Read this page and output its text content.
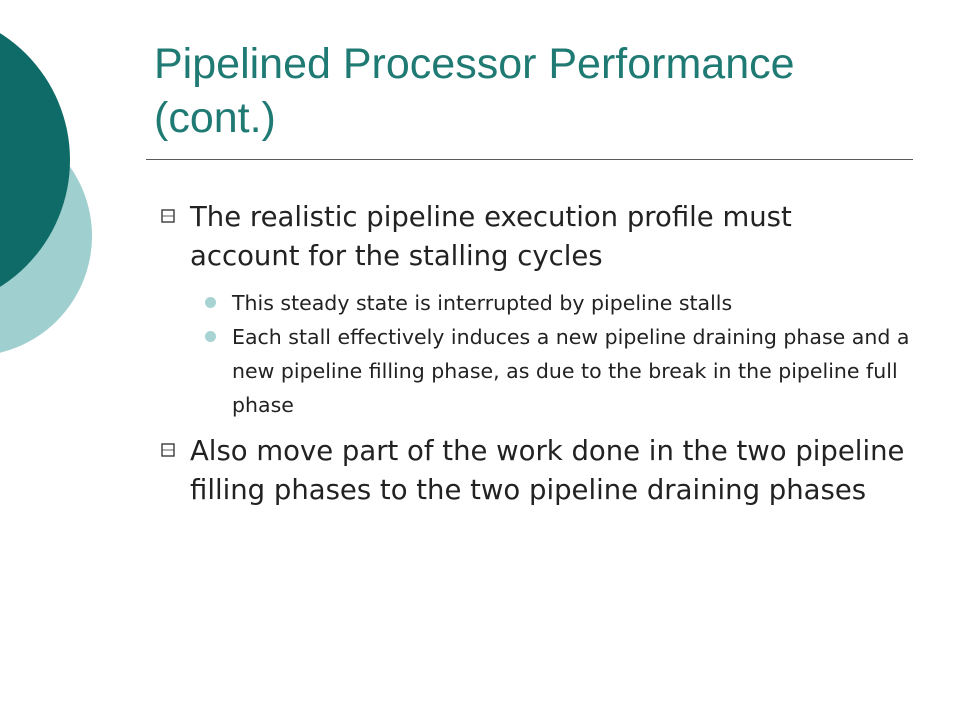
Pipelined Processor Performance (cont.)
The realistic pipeline execution profile must account for the stalling cycles
This steady state is interrupted by pipeline stalls
Each stall effectively induces a new pipeline draining phase and a new pipeline filling phase, as due to the break in the pipeline full phase
Also move part of the work done in the two pipeline filling phases to the two pipeline draining phases
